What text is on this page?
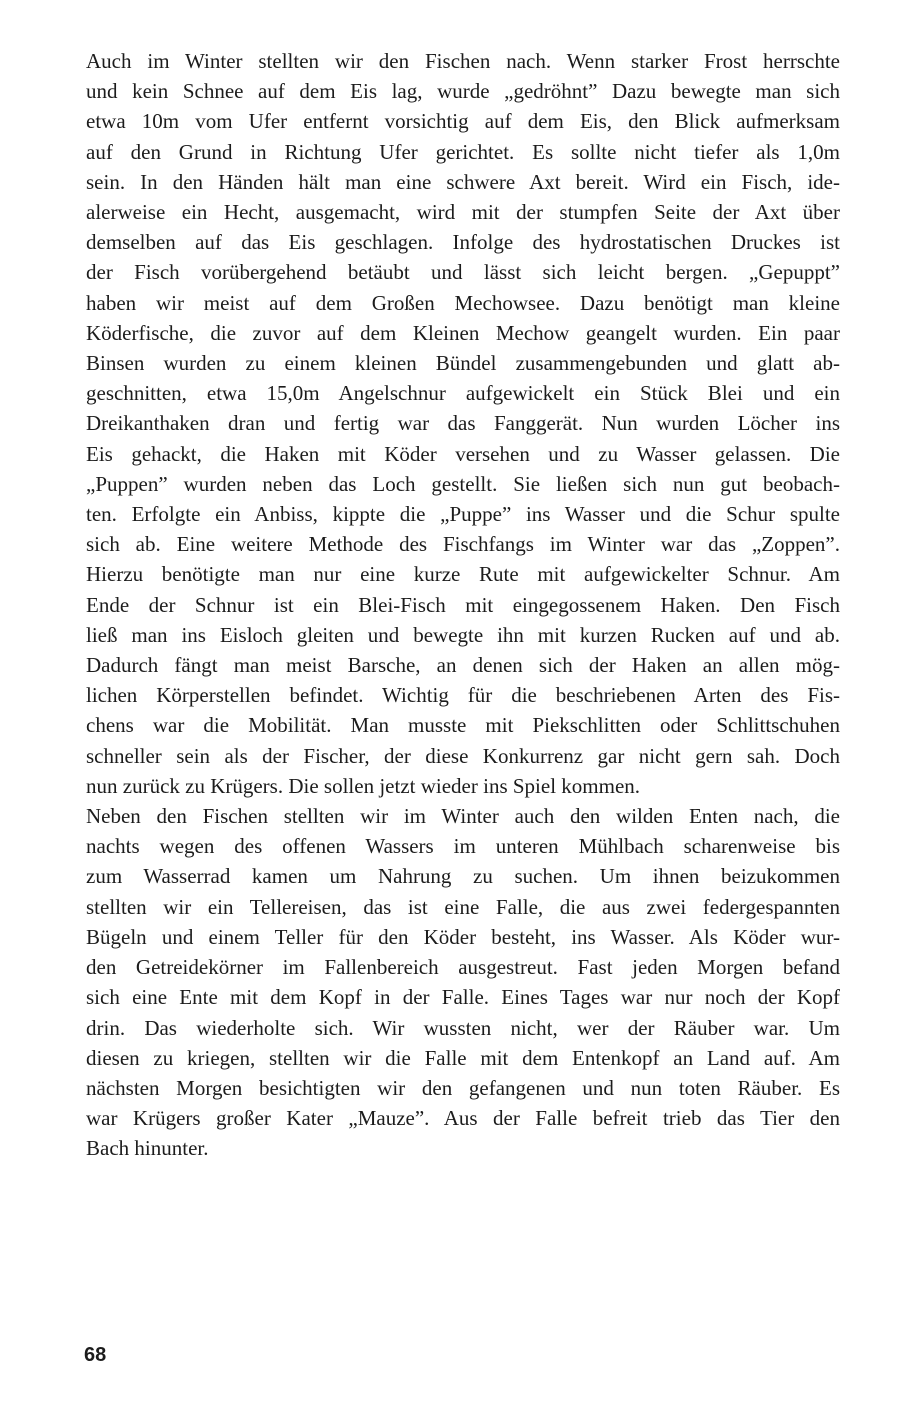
Auch im Winter stellten wir den Fischen nach. Wenn starker Frost herrschte
und kein Schnee auf dem Eis lag, wurde „gedröhnt” Dazu bewegte man sich
etwa 10m vom Ufer entfernt vorsichtig auf dem Eis, den Blick aufmerksam
auf den Grund in Richtung Ufer gerichtet. Es sollte nicht tiefer als 1,0m
sein. In den Händen hält man eine schwere Axt bereit. Wird ein Fisch, ide-
alerweise ein Hecht, ausgemacht, wird mit der stumpfen Seite der Axt über
demselben auf das Eis geschlagen. Infolge des hydrostatischen Druckes ist
der Fisch vorübergehend betäubt und lässt sich leicht bergen. „Gepuppt”
haben wir meist auf dem Großen Mechowsee. Dazu benötigt man kleine
Köderfische, die zuvor auf dem Kleinen Mechow geangelt wurden. Ein paar
Binsen wurden zu einem kleinen Bündel zusammengebunden und glatt ab-
geschnitten, etwa 15,0m Angelschnur aufgewickelt ein Stück Blei und ein
Dreikanthaken dran und fertig war das Fanggerät. Nun wurden Löcher ins
Eis gehackt, die Haken mit Köder versehen und zu Wasser gelassen. Die
„Puppen” wurden neben das Loch gestellt. Sie ließen sich nun gut beobach-
ten. Erfolgte ein Anbiss, kippte die „Puppe” ins Wasser und die Schur spulte
sich ab. Eine weitere Methode des Fischfangs im Winter war das „Zoppen”.
Hierzu benötigte man nur eine kurze Rute mit aufgewickelter Schnur. Am
Ende der Schnur ist ein Blei-Fisch mit eingegossenem Haken. Den Fisch
ließ man ins Eisloch gleiten und bewegte ihn mit kurzen Rucken auf und ab.
Dadurch fängt man meist Barsche, an denen sich der Haken an allen mög-
lichen Körperstellen befindet. Wichtig für die beschriebenen Arten des Fis-
chens war die Mobilität. Man musste mit Piekschlitten oder Schlittschuhen
schneller sein als der Fischer, der diese Konkurrenz gar nicht gern sah. Doch
nun zurück zu Krügers. Die sollen jetzt wieder ins Spiel kommen.
Neben den Fischen stellten wir im Winter auch den wilden Enten nach, die
nachts wegen des offenen Wassers im unteren Mühlbach scharenweise bis
zum Wasserrad kamen um Nahrung zu suchen. Um ihnen beizukommen
stellten wir ein Tellereisen, das ist eine Falle, die aus zwei federgespannten
Bügeln und einem Teller für den Köder besteht, ins Wasser. Als Köder wur-
den Getreidekörner im Fallenbereich ausgestreut. Fast jeden Morgen befand
sich eine Ente mit dem Kopf in der Falle. Eines Tages war nur noch der Kopf
drin. Das wiederholte sich. Wir wussten nicht, wer der Räuber war. Um
diesen zu kriegen, stellten wir die Falle mit dem Entenkopf an Land auf. Am
nächsten Morgen besichtigten wir den gefangenen und nun toten Räuber. Es
war Krügers großer Kater „Mauze”. Aus der Falle befreit trieb das Tier den
Bach hinunter.
68
